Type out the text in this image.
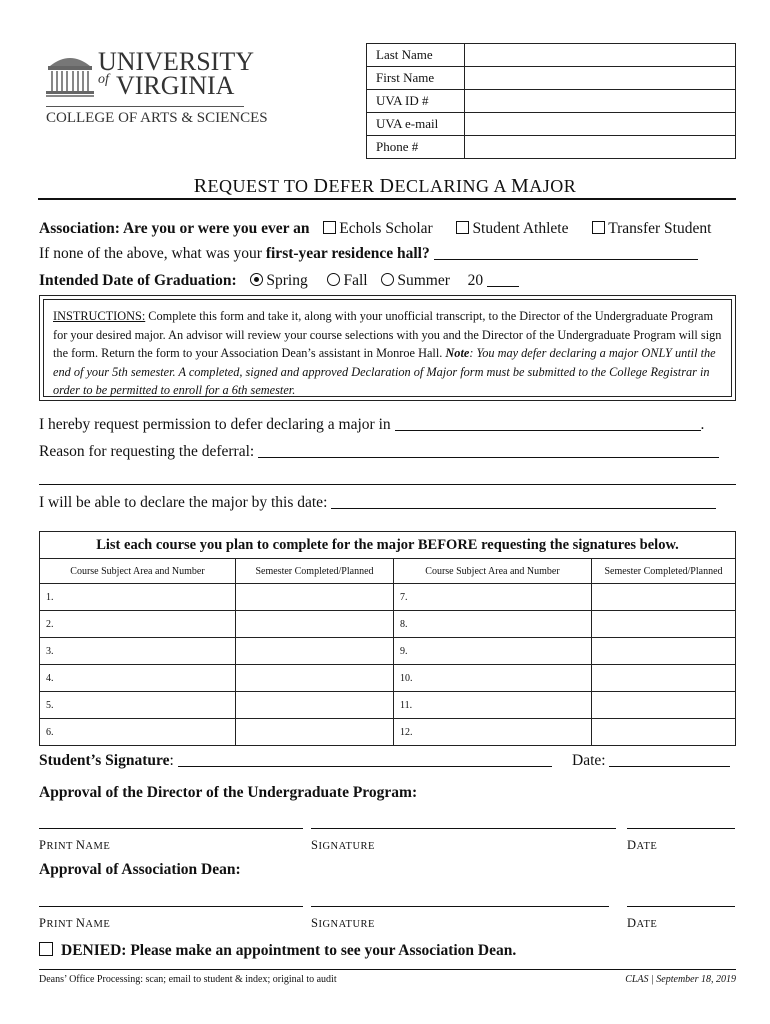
UNIVERSITY
of VIRGINIA
COLLEGE OF ARTS & SCIENCES
Last Name	
First Name	
UVA ID #	
UVA e-mail	
Phone #	
REQUEST TO DEFER DECLARING A MAJOR
Association: Are you or were you ever an Echols Scholar	Student Athlete	Transfer Student
If none of the above, what was your first-year residence hall?
Intended Date of Graduation: Spring Fall Summer 20
INSTRUCTIONS: Complete this form and take it, along with your unofficial transcript, to the Director of the Undergraduate Program for your desired major. An advisor will review your course selections with you and the Director of the Undergraduate Program will sign the form. Return the form to your Association Dean’s assistant in Monroe Hall. Note: You may defer declaring a major ONLY until the end of your 5th semester. A completed, signed and approved Declaration of Major form must be submitted to the College Registrar in order to be permitted to enroll for a 6th semester.
I hereby request permission to defer declaring a major in	.
Reason for requesting the deferral:
I will be able to declare the major by this date:
List each course you plan to complete for the major BEFORE requesting the signatures below.			
Course Subject Area and Number	Semester Completed/Planned	Course Subject Area and Number	Semester Completed/Planned
1.		7.	
2.		8.	
3.		9.	
4.		10.	
5.		11.	
6.		12.	
Student’s Signature:	Date:
Approval of the Director of the Undergraduate Program:
PRINT NAME	SIGNATURE	DATE
Approval of Association Dean:
PRINT NAME	SIGNATURE	DATE
DENIED: Please make an appointment to see your Association Dean.
Deans’ Office Processing: scan; email to student & index; original to audit	CLAS | September 18, 2019
